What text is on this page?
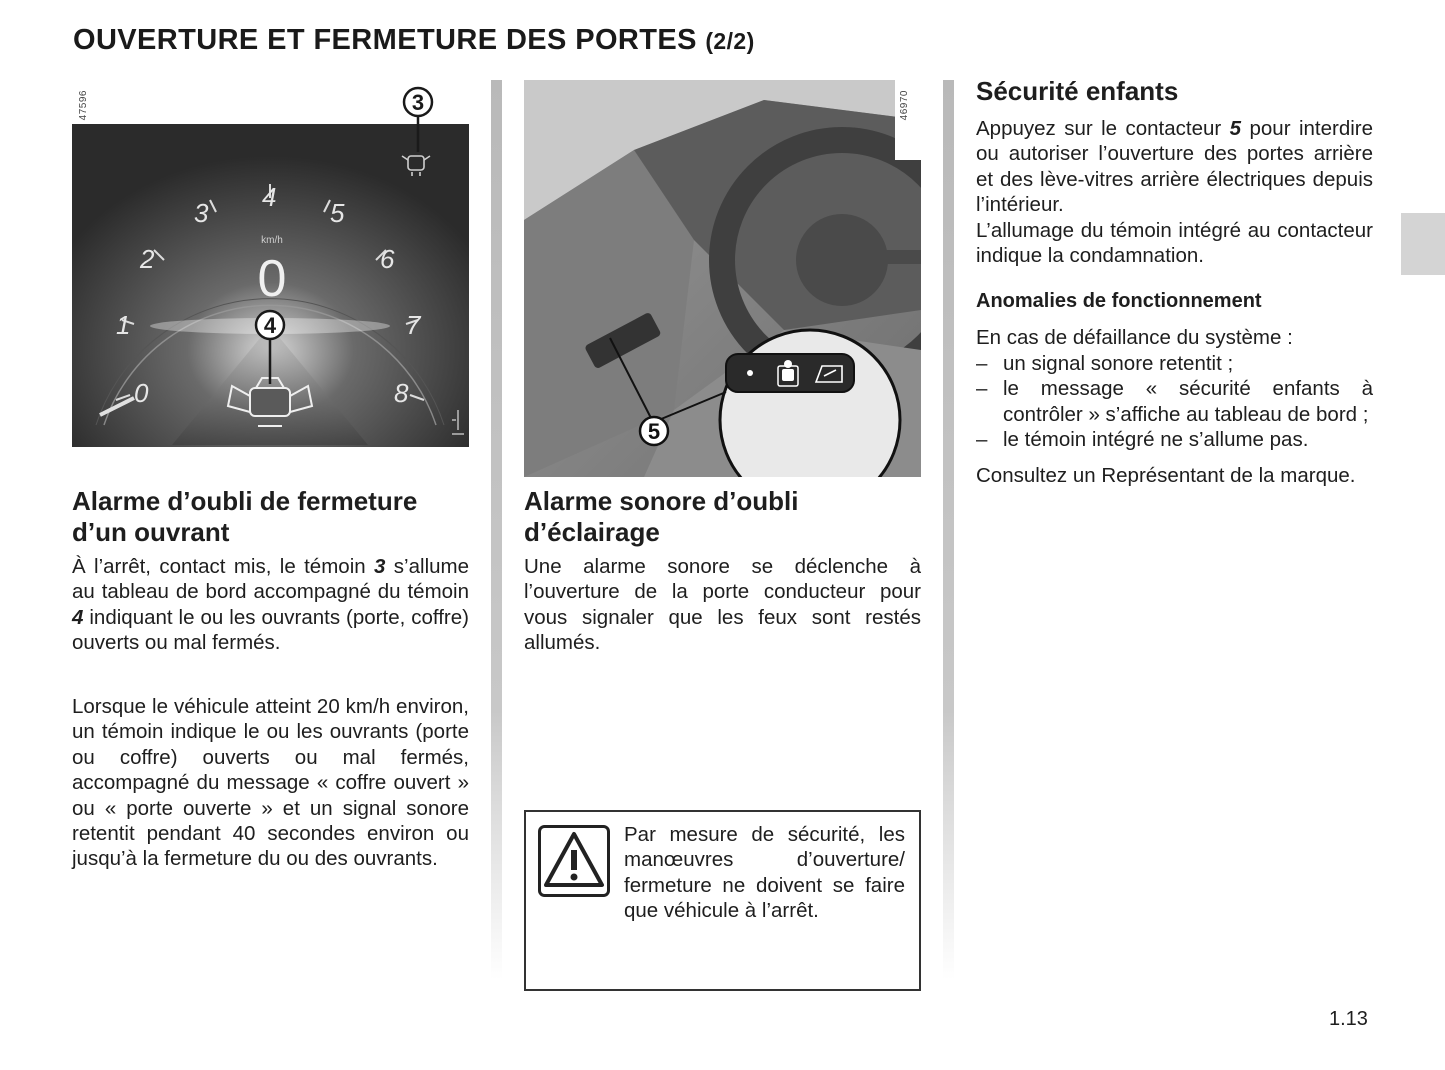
OUVERTURE ET FERMETURE DES PORTES (2/2)
0
1
2
3
4
5
6
7
8
km/h
0
3
4
47596
Alarme d’oubli de fermeture d’un ouvrant

À l’arrêt, contact mis, le témoin 3 s’allume au tableau de bord accompagné du témoin 4 indiquant le ou les ouvrants (porte, coffre) ouverts ou mal fermés.

Lorsque le véhicule atteint 20 km/h environ, un témoin indique le ou les ouvrants (porte ou coffre) ouverts ou mal fermés, accompagné du message « coffre ouvert » ou « porte ouverte » et un signal sonore retentit pendant 40 secondes environ ou jusqu’à la fermeture du ou des ouvrants.

5
46970
Alarme sonore d’oubli d’éclairage

Une alarme sonore se déclenche à l’ouverture de la porte conducteur pour vous signaler que les feux sont restés allumés.

Par mesure de sécurité, les manœuvres d’ouverture/ fermeture ne doivent se faire que véhicule à l’arrêt.

Sécurité enfants

Appuyez sur le contacteur 5 pour interdire ou autoriser l’ouverture des portes arrière et des lève-vitres arrière électriques depuis l’intérieur.

L’allumage du témoin intégré au contacteur indique la condamnation.

Anomalies de fonctionnement

En cas de défaillance du système :

– un signal sonore retentit ;
– le message « sécurité enfants à contrôler » s’affiche au tableau de bord ;
– le témoin intégré ne s’allume pas.

Consultez un Représentant de la marque.

1.13
